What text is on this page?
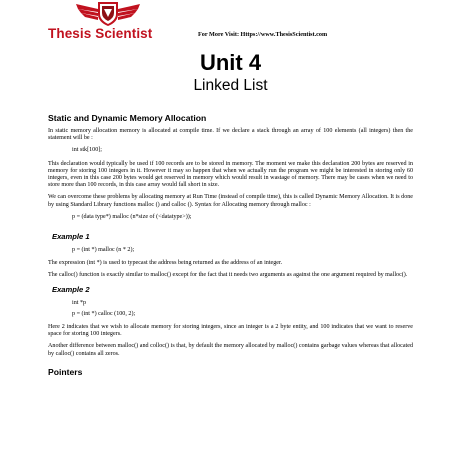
Thesis Scientist	For More Visit: Https://www.ThesisScientist.com
Unit 4
Linked List
Static and Dynamic Memory Allocation

In static memory allocation memory is allocated at compile time. If we declare a stack through an array of 100 elements (all integers) then the statement will be :

int stk[100];

This declaration would typically be used if 100 records are to be stored in memory. The moment we make this declaration 200 bytes are reserved in memory for storing 100 integers in it. However it may so happen that when we actually run the program we might be interested in storing only 60 integers, even in this case 200 bytes would get reserved in memory which would result in wastage of memory. There may be cases when we need to store more than 100 records, in this case array would fall short in size.

We can overcome these problems by allocating memory at Run Time (instead of compile time), this is called Dynamic Memory Allocation. It is done by using Standard Library functions malloc () and calloc (). Syntax for Allocating memory through malloc :

p = (data type*) malloc (n*size of (<datatype>));

Example 1

p = (int *) malloc (n * 2);

The expression (int *) is used to typecast the address being returned as the address of an integer.

The calloc() function is exactly similar to malloc() except for the fact that it needs two arguments as against the one argument required by malloc().

Example 2

int *p

p = (int *) calloc (100, 2);

Here 2 indicates that we wish to allocate memory for storing integers, since an integer is a 2 byte entity, and 100 indicates that we want to reserve space for storing 100 integers.

Another difference between malloc() and colloc() is that, by default the memory allocated by malloc() contains garbage values whereas that allocated by calloc() contains all zeros.

Pointers
